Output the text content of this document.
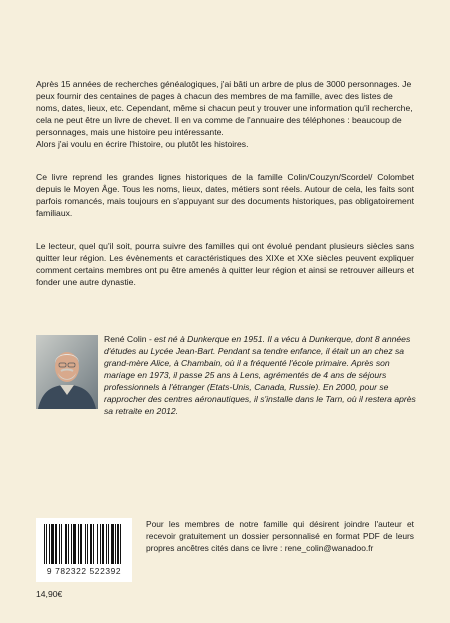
Après 15 années de recherches généalogiques, j'ai bâti un arbre de plus de 3000 personnages. Je peux fournir des centaines de pages à chacun des membres de ma famille, avec des listes de noms, dates, lieux, etc. Cependant, même si chacun peut y trouver une information qu'il recherche, cela ne peut être un livre de chevet. Il en va comme de l'annuaire des téléphones : beaucoup de personnages, mais une histoire peu intéressante.
Alors j'ai voulu en écrire l'histoire, ou plutôt les histoires.

Ce livre reprend les grandes lignes historiques de la famille Colin/Couzyn/Scordel/ Colombet depuis le Moyen Âge. Tous les noms, lieux, dates, métiers sont réels. Autour de cela, les faits sont parfois romancés, mais toujours en s'appuyant sur des documents historiques, pas obligatoirement familiaux.

Le lecteur, quel qu'il soit, pourra suivre des familles qui ont évolué pendant plusieurs siècles sans quitter leur région. Les évènements et caractéristiques des XIXe et XXe siècles peuvent expliquer comment certains membres ont pu être amenés à quitter leur région et ainsi se retrouver ailleurs et fonder une autre dynastie.

René Colin - est né à Dunkerque en 1951. Il a vécu à Dunkerque, dont 8 années d'études au Lycée Jean-Bart. Pendant sa tendre enfance, il était un an chez sa grand-mère Alice, à Chambain, où il a fréquenté l'école primaire. Après son mariage en 1973, il passe 25 ans à Lens, agrémentés de 4 ans de séjours professionnels à l'étranger (Etats-Unis, Canada, Russie). En 2000, pour se rapprocher des centres aéronautiques, il s'installe dans le Tarn, où il restera après sa retraite en 2012.

9 782322 522392
14,90€

Pour les membres de notre famille qui désirent joindre l'auteur et recevoir gratuitement un dossier personnalisé en format PDF de leurs propres ancêtres cités dans ce livre : rene_colin@wanadoo.fr
